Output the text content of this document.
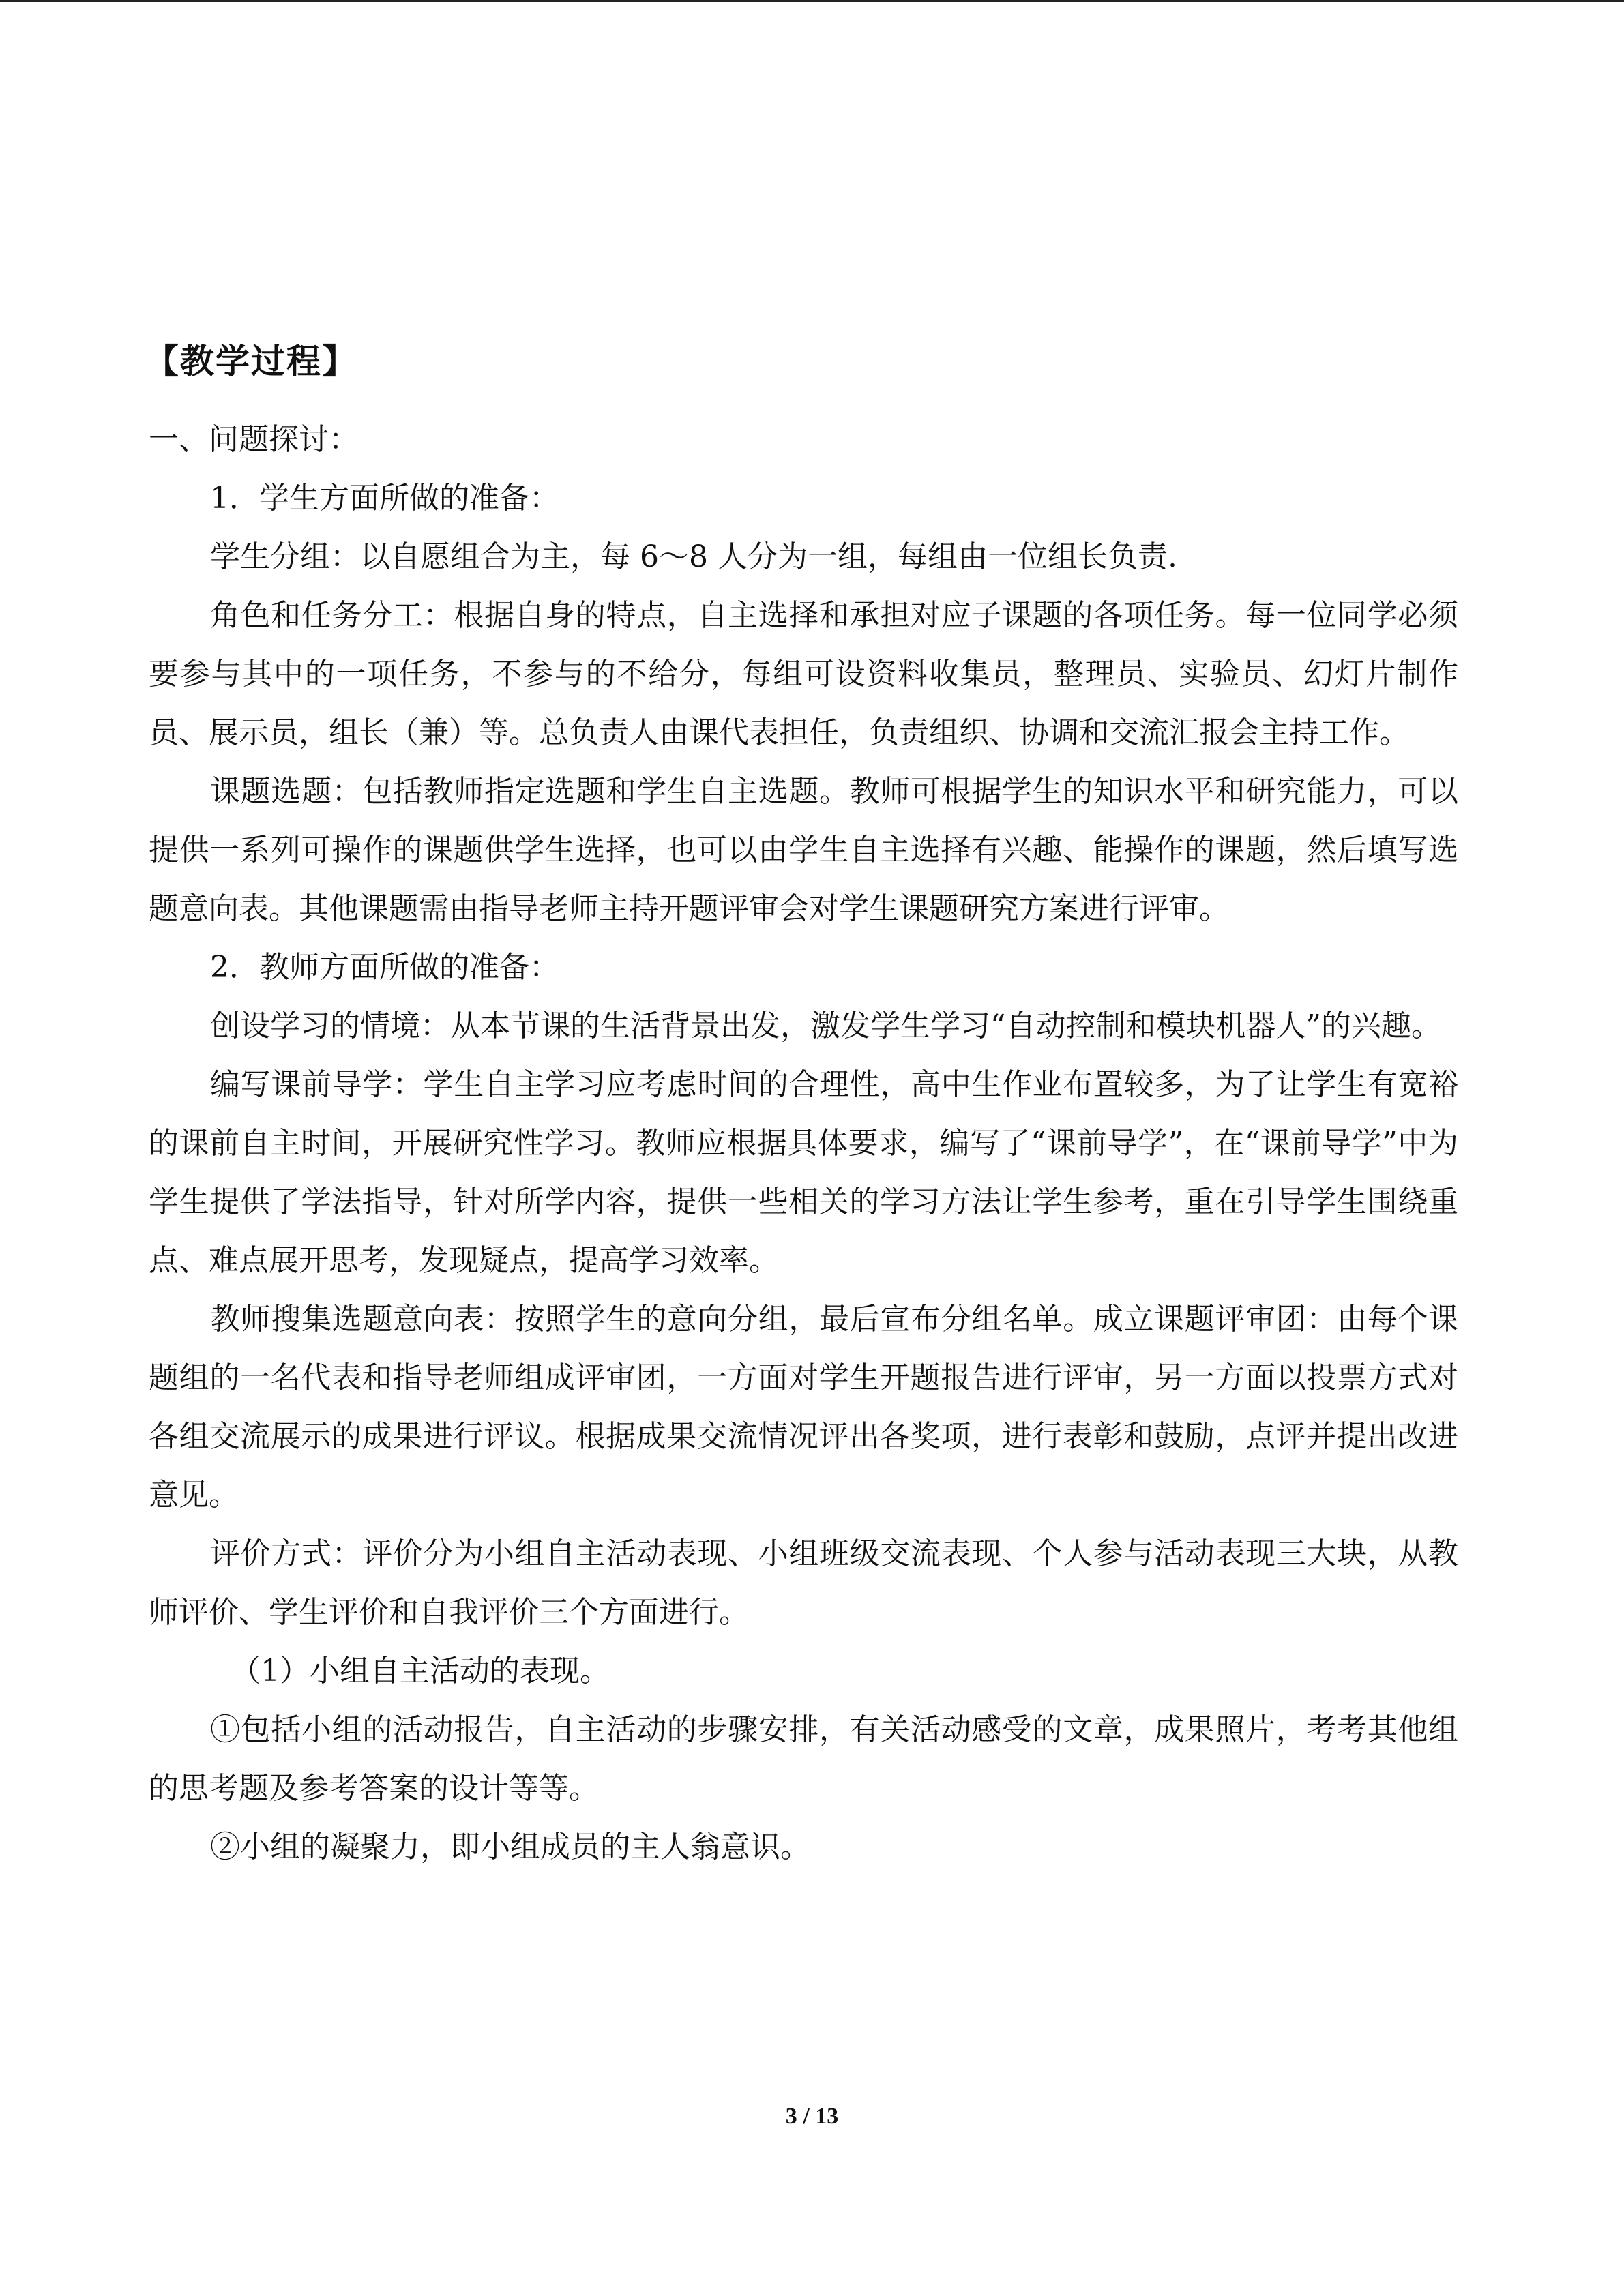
【教学过程】

一、问题探讨：

1．学生方面所做的准备：

学生分组：以自愿组合为主，每 6～8 人分为一组，每组由一位组长负责.

角色和任务分工：根据自身的特点，自主选择和承担对应子课题的各项任务。每一位同学必须要参与其中的一项任务，不参与的不给分，每组可设资料收集员，整理员、实验员、幻灯片制作员、展示员，组长（兼）等。总负责人由课代表担任，负责组织、协调和交流汇报会主持工作。

课题选题：包括教师指定选题和学生自主选题。教师可根据学生的知识水平和研究能力，可以提供一系列可操作的课题供学生选择，也可以由学生自主选择有兴趣、能操作的课题，然后填写选题意向表。其他课题需由指导老师主持开题评审会对学生课题研究方案进行评审。

2．教师方面所做的准备：

创设学习的情境：从本节课的生活背景出发，激发学生学习“自动控制和模块机器人”的兴趣。

编写课前导学：学生自主学习应考虑时间的合理性，高中生作业布置较多，为了让学生有宽裕的课前自主时间，开展研究性学习。教师应根据具体要求，编写了“课前导学”，在“课前导学”中为学生提供了学法指导，针对所学内容，提供一些相关的学习方法让学生参考，重在引导学生围绕重点、难点展开思考，发现疑点，提高学习效率。

教师搜集选题意向表：按照学生的意向分组，最后宣布分组名单。成立课题评审团：由每个课题组的一名代表和指导老师组成评审团，一方面对学生开题报告进行评审，另一方面以投票方式对各组交流展示的成果进行评议。根据成果交流情况评出各奖项，进行表彰和鼓励，点评并提出改进意见。

评价方式：评价分为小组自主活动表现、小组班级交流表现、个人参与活动表现三大块，从教师评价、学生评价和自我评价三个方面进行。

（1）小组自主活动的表现。

①包括小组的活动报告，自主活动的步骤安排，有关活动感受的文章，成果照片，考考其他组的思考题及参考答案的设计等等。

②小组的凝聚力，即小组成员的主人翁意识。

3 / 13
